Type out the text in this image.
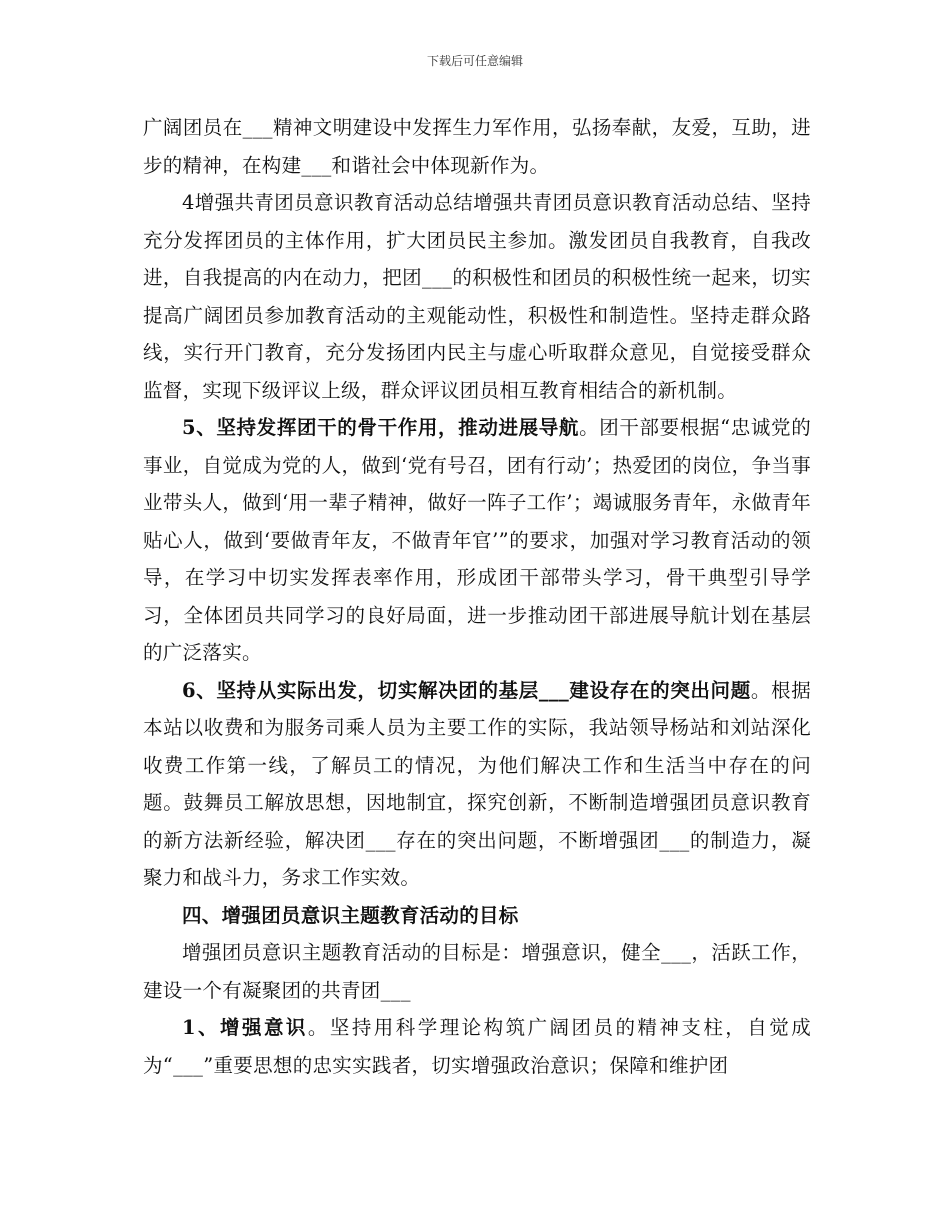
下载后可任意编辑

广阔团员在___精神文明建设中发挥生力军作用，弘扬奉献，友爱，互助，进步的精神，在构建___和谐社会中体现新作为。

4增强共青团员意识教育活动总结增强共青团员意识教育活动总结、坚持充分发挥团员的主体作用，扩大团员民主参加。激发团员自我教育，自我改进，自我提高的内在动力，把团___的积极性和团员的积极性统一起来，切实提高广阔团员参加教育活动的主观能动性，积极性和制造性。坚持走群众路线，实行开门教育，充分发扬团内民主与虚心听取群众意见，自觉接受群众监督，实现下级评议上级，群众评议团员相互教育相结合的新机制。

5、坚持发挥团干的骨干作用，推动进展导航。团干部要根据“忠诚党的事业，自觉成为党的人，做到‘党有号召，团有行动’；热爱团的岗位，争当事业带头人，做到‘用一辈子精神，做好一阵子工作’；竭诚服务青年，永做青年贴心人，做到‘要做青年友，不做青年官’”的要求，加强对学习教育活动的领导，在学习中切实发挥表率作用，形成团干部带头学习，骨干典型引导学习，全体团员共同学习的良好局面，进一步推动团干部进展导航计划在基层的广泛落实。

6、坚持从实际出发，切实解决团的基层___建设存在的突出问题。根据本站以收费和为服务司乘人员为主要工作的实际，我站领导杨站和刘站深化收费工作第一线，了解员工的情况，为他们解决工作和生活当中存在的问题。鼓舞员工解放思想，因地制宜，探究创新，不断制造增强团员意识教育的新方法新经验，解决团___存在的突出问题，不断增强团___的制造力，凝聚力和战斗力，务求工作实效。

四、增强团员意识主题教育活动的目标

增强团员意识主题教育活动的目标是：增强意识，健全___，活跃工作，建设一个有凝聚团的共青团___

1、增强意识。坚持用科学理论构筑广阔团员的精神支柱，自觉成为“___”重要思想的忠实实践者，切实增强政治意识；保障和维护团
